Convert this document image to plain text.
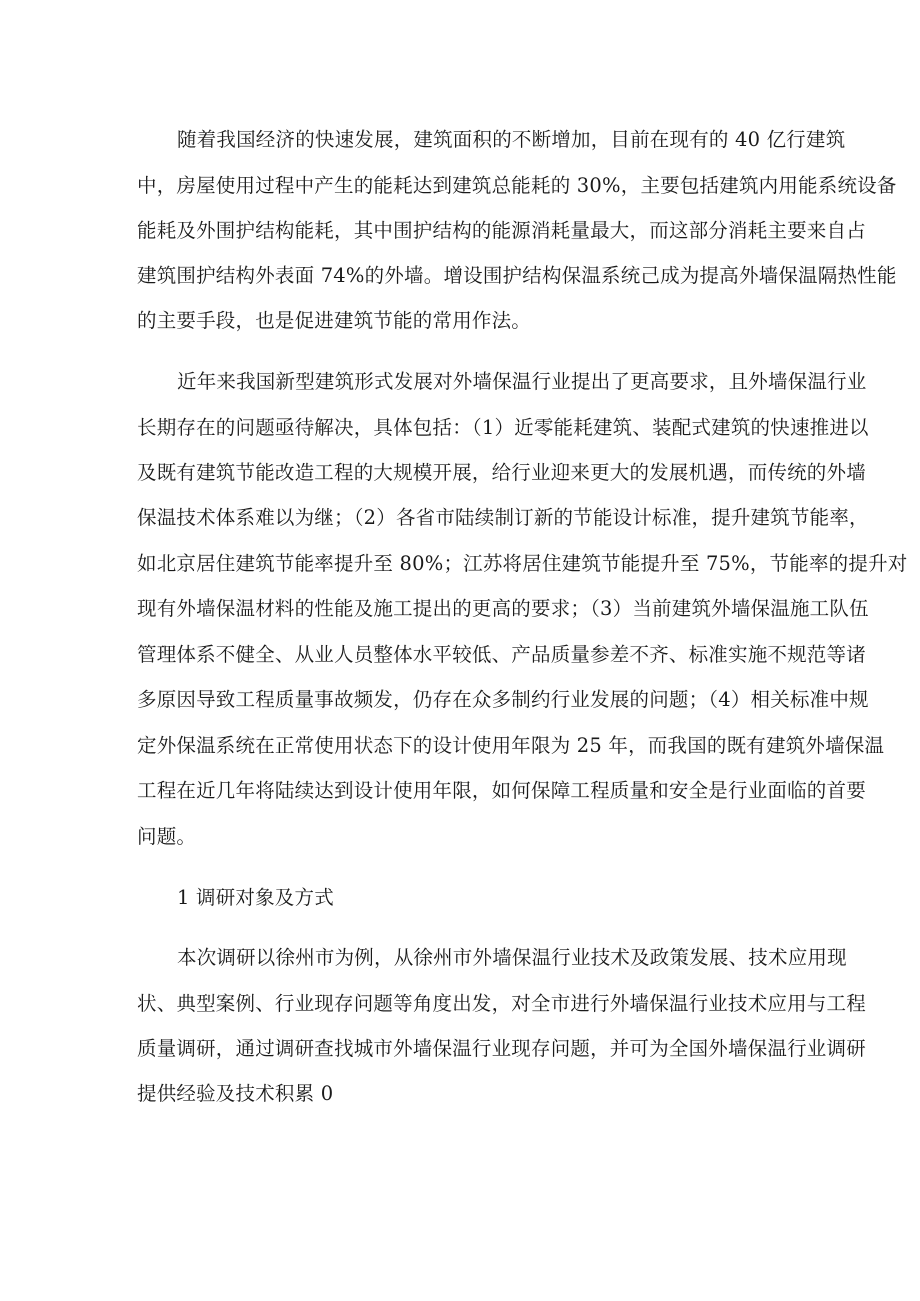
随着我国经济的快速发展，建筑面积的不断增加，目前在现有的 40 亿行建筑
中，房屋使用过程中产生的能耗达到建筑总能耗的 30%，主要包括建筑内用能系统设备
能耗及外围护结构能耗，其中围护结构的能源消耗量最大，而这部分消耗主要来自占
建筑围护结构外表面 74%的外墙。增设围护结构保温系统己成为提高外墙保温隔热性能
的主要手段，也是促进建筑节能的常用作法。
近年来我国新型建筑形式发展对外墙保温行业提出了更高要求，且外墙保温行业
长期存在的问题亟待解决，具体包括：（1）近零能耗建筑、装配式建筑的快速推进以
及既有建筑节能改造工程的大规模开展，给行业迎来更大的发展机遇，而传统的外墙
保温技术体系难以为继；（2）各省市陆续制订新的节能设计标准，提升建筑节能率，
如北京居住建筑节能率提升至 80%；江苏将居住建筑节能提升至 75%，节能率的提升对
现有外墙保温材料的性能及施工提出的更高的要求；（3）当前建筑外墙保温施工队伍
管理体系不健全、从业人员整体水平较低、产品质量参差不齐、标准实施不规范等诸
多原因导致工程质量事故频发，仍存在众多制约行业发展的问题；（4）相关标准中规
定外保温系统在正常使用状态下的设计使用年限为 25 年，而我国的既有建筑外墙保温
工程在近几年将陆续达到设计使用年限，如何保障工程质量和安全是行业面临的首要
问题。
1 调研对象及方式
本次调研以徐州市为例，从徐州市外墙保温行业技术及政策发展、技术应用现
状、典型案例、行业现存问题等角度出发，对全市进行外墙保温行业技术应用与工程
质量调研，通过调研查找城市外墙保温行业现存问题，并可为全国外墙保温行业调研
提供经验及技术积累 0
